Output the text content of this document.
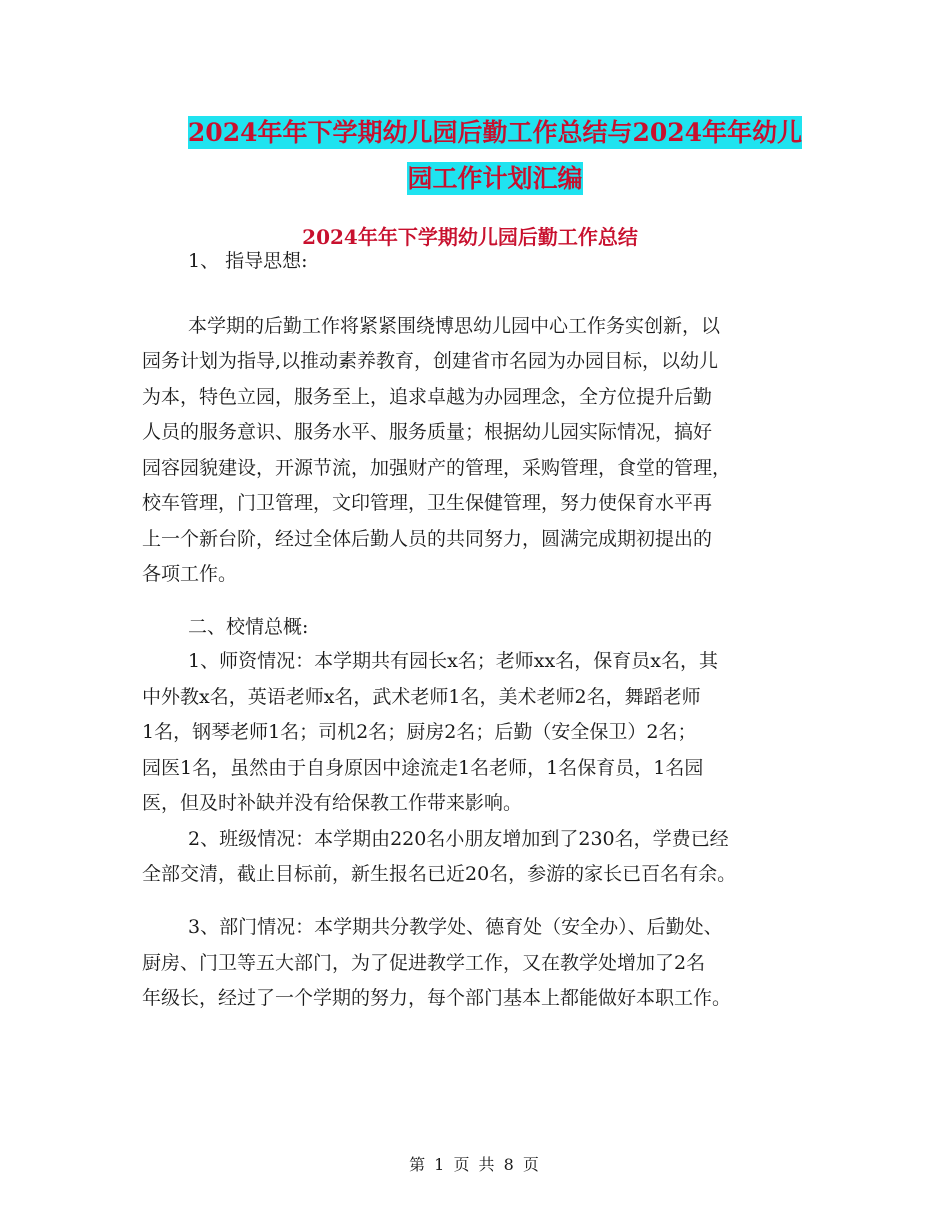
2024年年下学期幼儿园后勤工作总结与2024年年幼儿
园工作计划汇编
2024年年下学期幼儿园后勤工作总结
1、 指导思想:
本学期的后勤工作将紧紧围绕博思幼儿园中心工作务实创新，以
园务计划为指导,以推动素养教育，创建省市名园为办园目标，以幼儿
为本，特色立园，服务至上，追求卓越为办园理念，全方位提升后勤
人员的服务意识、服务水平、服务质量；根据幼儿园实际情况，搞好
园容园貌建设，开源节流，加强财产的管理，采购管理，食堂的管理，
校车管理，门卫管理，文印管理，卫生保健管理，努力使保育水平再
上一个新台阶，经过全体后勤人员的共同努力，圆满完成期初提出的
各项工作。
二、校情总概:
1、师资情况：本学期共有园长x名；老师xx名，保育员x名，其
中外教x名，英语老师x名，武术老师1名，美术老师2名，舞蹈老师
1名，钢琴老师1名；司机2名；厨房2名；后勤（安全保卫）2名；
园医1名，虽然由于自身原因中途流走1名老师，1名保育员，1名园
医，但及时补缺并没有给保教工作带来影响。
2、班级情况：本学期由220名小朋友增加到了230名，学费已经
全部交清，截止目标前，新生报名已近20名，参游的家长已百名有余。
3、部门情况：本学期共分教学处、德育处（安全办）、后勤处、
厨房、门卫等五大部门，为了促进教学工作，又在教学处增加了2名
年级长，经过了一个学期的努力，每个部门基本上都能做好本职工作。
第 1 页 共 8 页
